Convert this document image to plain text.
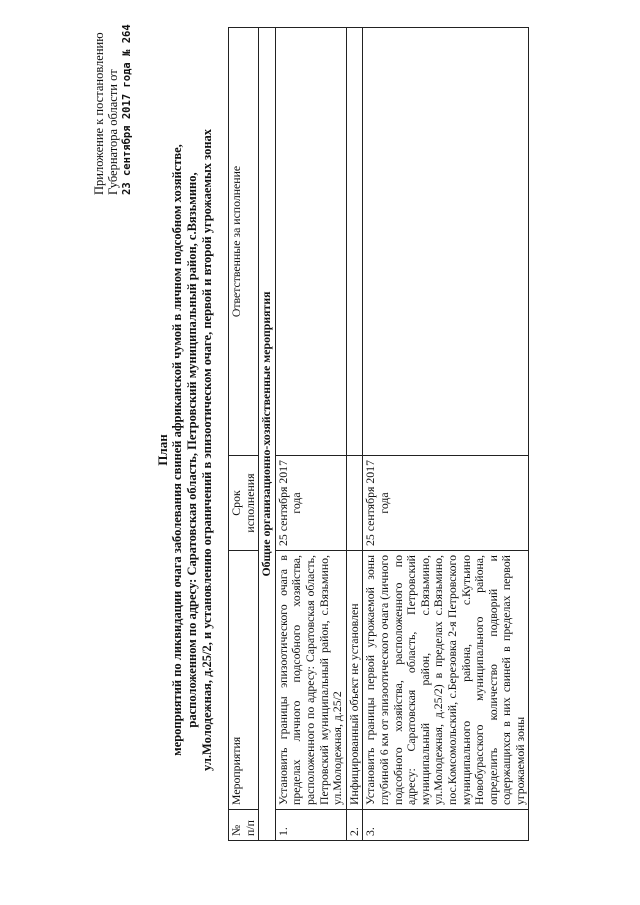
Приложение к постановлению Губернатора области от 23 сентября 2017 года № 264
План мероприятий по ликвидации очага заболевания свиней африканской чумой в личном подсобном хозяйстве, расположенном по адресу: Саратовская область, Петровский муниципальный район, с.Вязьмино, ул.Молодежная, д.25/2, и установлению ограничений в эпизоотическом очаге, первой и второй угрожаемых зонах
№ п/п	Мероприятия	Срок исполнения	Ответственные за исполнение
Общие организационно-хозяйственные мероприятия			
1.	Установить границы эпизоотического очага в пределах личного подсобного хозяйства, расположенного по адресу: Саратовская область, Петровский муниципальный район, с.Вязьмино, ул.Молодежная, д.25/2	25 сентября 2017 года	
2.	Инфицированный объект не установлен		
3.	Установить границы первой угрожаемой зоны глубиной 6 км от эпизоотического очага (личного подсобного хозяйства, расположенного по адресу: Саратовская область, Петровский муниципальный район, с.Вязьмино, ул.Молодежная, д.25/2) в пределах с.Вязьмино, пос.Комсомольский, с.Березовка 2-я Петровского муниципального района, с.Кутьино Новобурасского муниципального района, определить количество подворий и содержащихся в них свиней в пределах первой угрожаемой зоны	25 сентября 2017 года	
